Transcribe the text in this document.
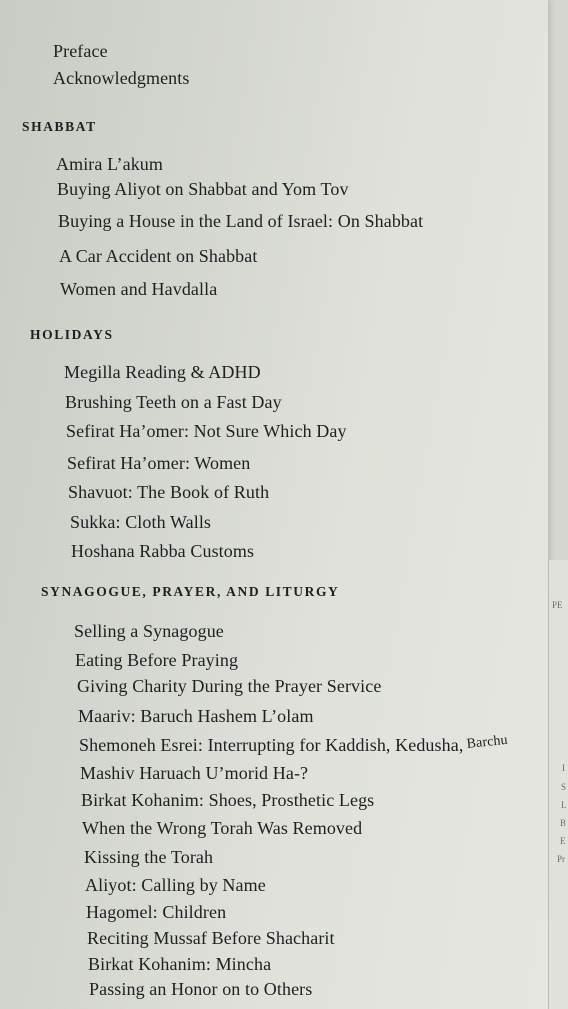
Preface
Acknowledgments
SHABBAT
Amira L’akum
Buying Aliyot on Shabbat and Yom Tov
Buying a House in the Land of Israel: On Shabbat
A Car Accident on Shabbat
Women and Havdalla
HOLIDAYS
Megilla Reading & ADHD
Brushing Teeth on a Fast Day
Sefirat Ha’omer: Not Sure Which Day
Sefirat Ha’omer: Women
Shavuot: The Book of Ruth
Sukka: Cloth Walls
Hoshana Rabba Customs
SYNAGOGUE, PRAYER, AND LITURGY
Selling a Synagogue
Eating Before Praying
Giving Charity During the Prayer Service
Maariv: Baruch Hashem L’olam
Shemoneh Esrei: Interrupting for Kaddish, Kedusha, Barchu
Mashiv Haruach U’morid Ha-?
Birkat Kohanim: Shoes, Prosthetic Legs
When the Wrong Torah Was Removed
Kissing the Torah
Aliyot: Calling by Name
Hagomel: Children
Reciting Mussaf Before Shacharit
Birkat Kohanim: Mincha
Passing an Honor on to Others
PE
I
S
L
B
E
Pr
